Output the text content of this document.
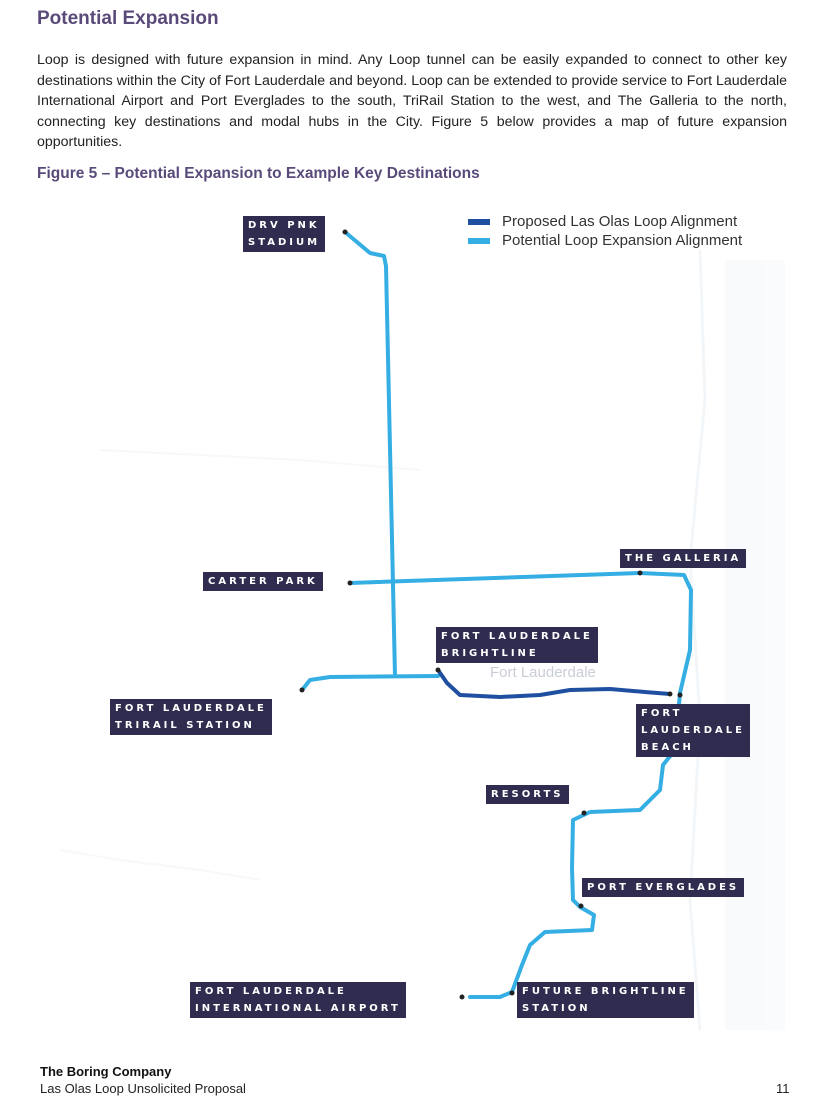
Potential Expansion
Loop is designed with future expansion in mind. Any Loop tunnel can be easily expanded to connect to other key destinations within the City of Fort Lauderdale and beyond. Loop can be extended to provide service to Fort Lauderdale International Airport and Port Everglades to the south, TriRail Station to the west, and The Galleria to the north, connecting key destinations and modal hubs in the City. Figure 5 below provides a map of future expansion opportunities.
Figure 5 – Potential Expansion to Example Key Destinations
Fort Lauderdale
Proposed Las Olas Loop Alignment
Potential Loop Expansion Alignment
DRV PNK
STADIUM
CARTER PARK
THE GALLERIA
FORT LAUDERDALE
BRIGHTLINE
FORT LAUDERDALE
TRIRAIL STATION
FORT
LAUDERDALE
BEACH
RESORTS
PORT EVERGLADES
FUTURE BRIGHTLINE
STATION
FORT LAUDERDALE
INTERNATIONAL AIRPORT
The Boring Company
Las Olas Loop Unsolicited Proposal	11
